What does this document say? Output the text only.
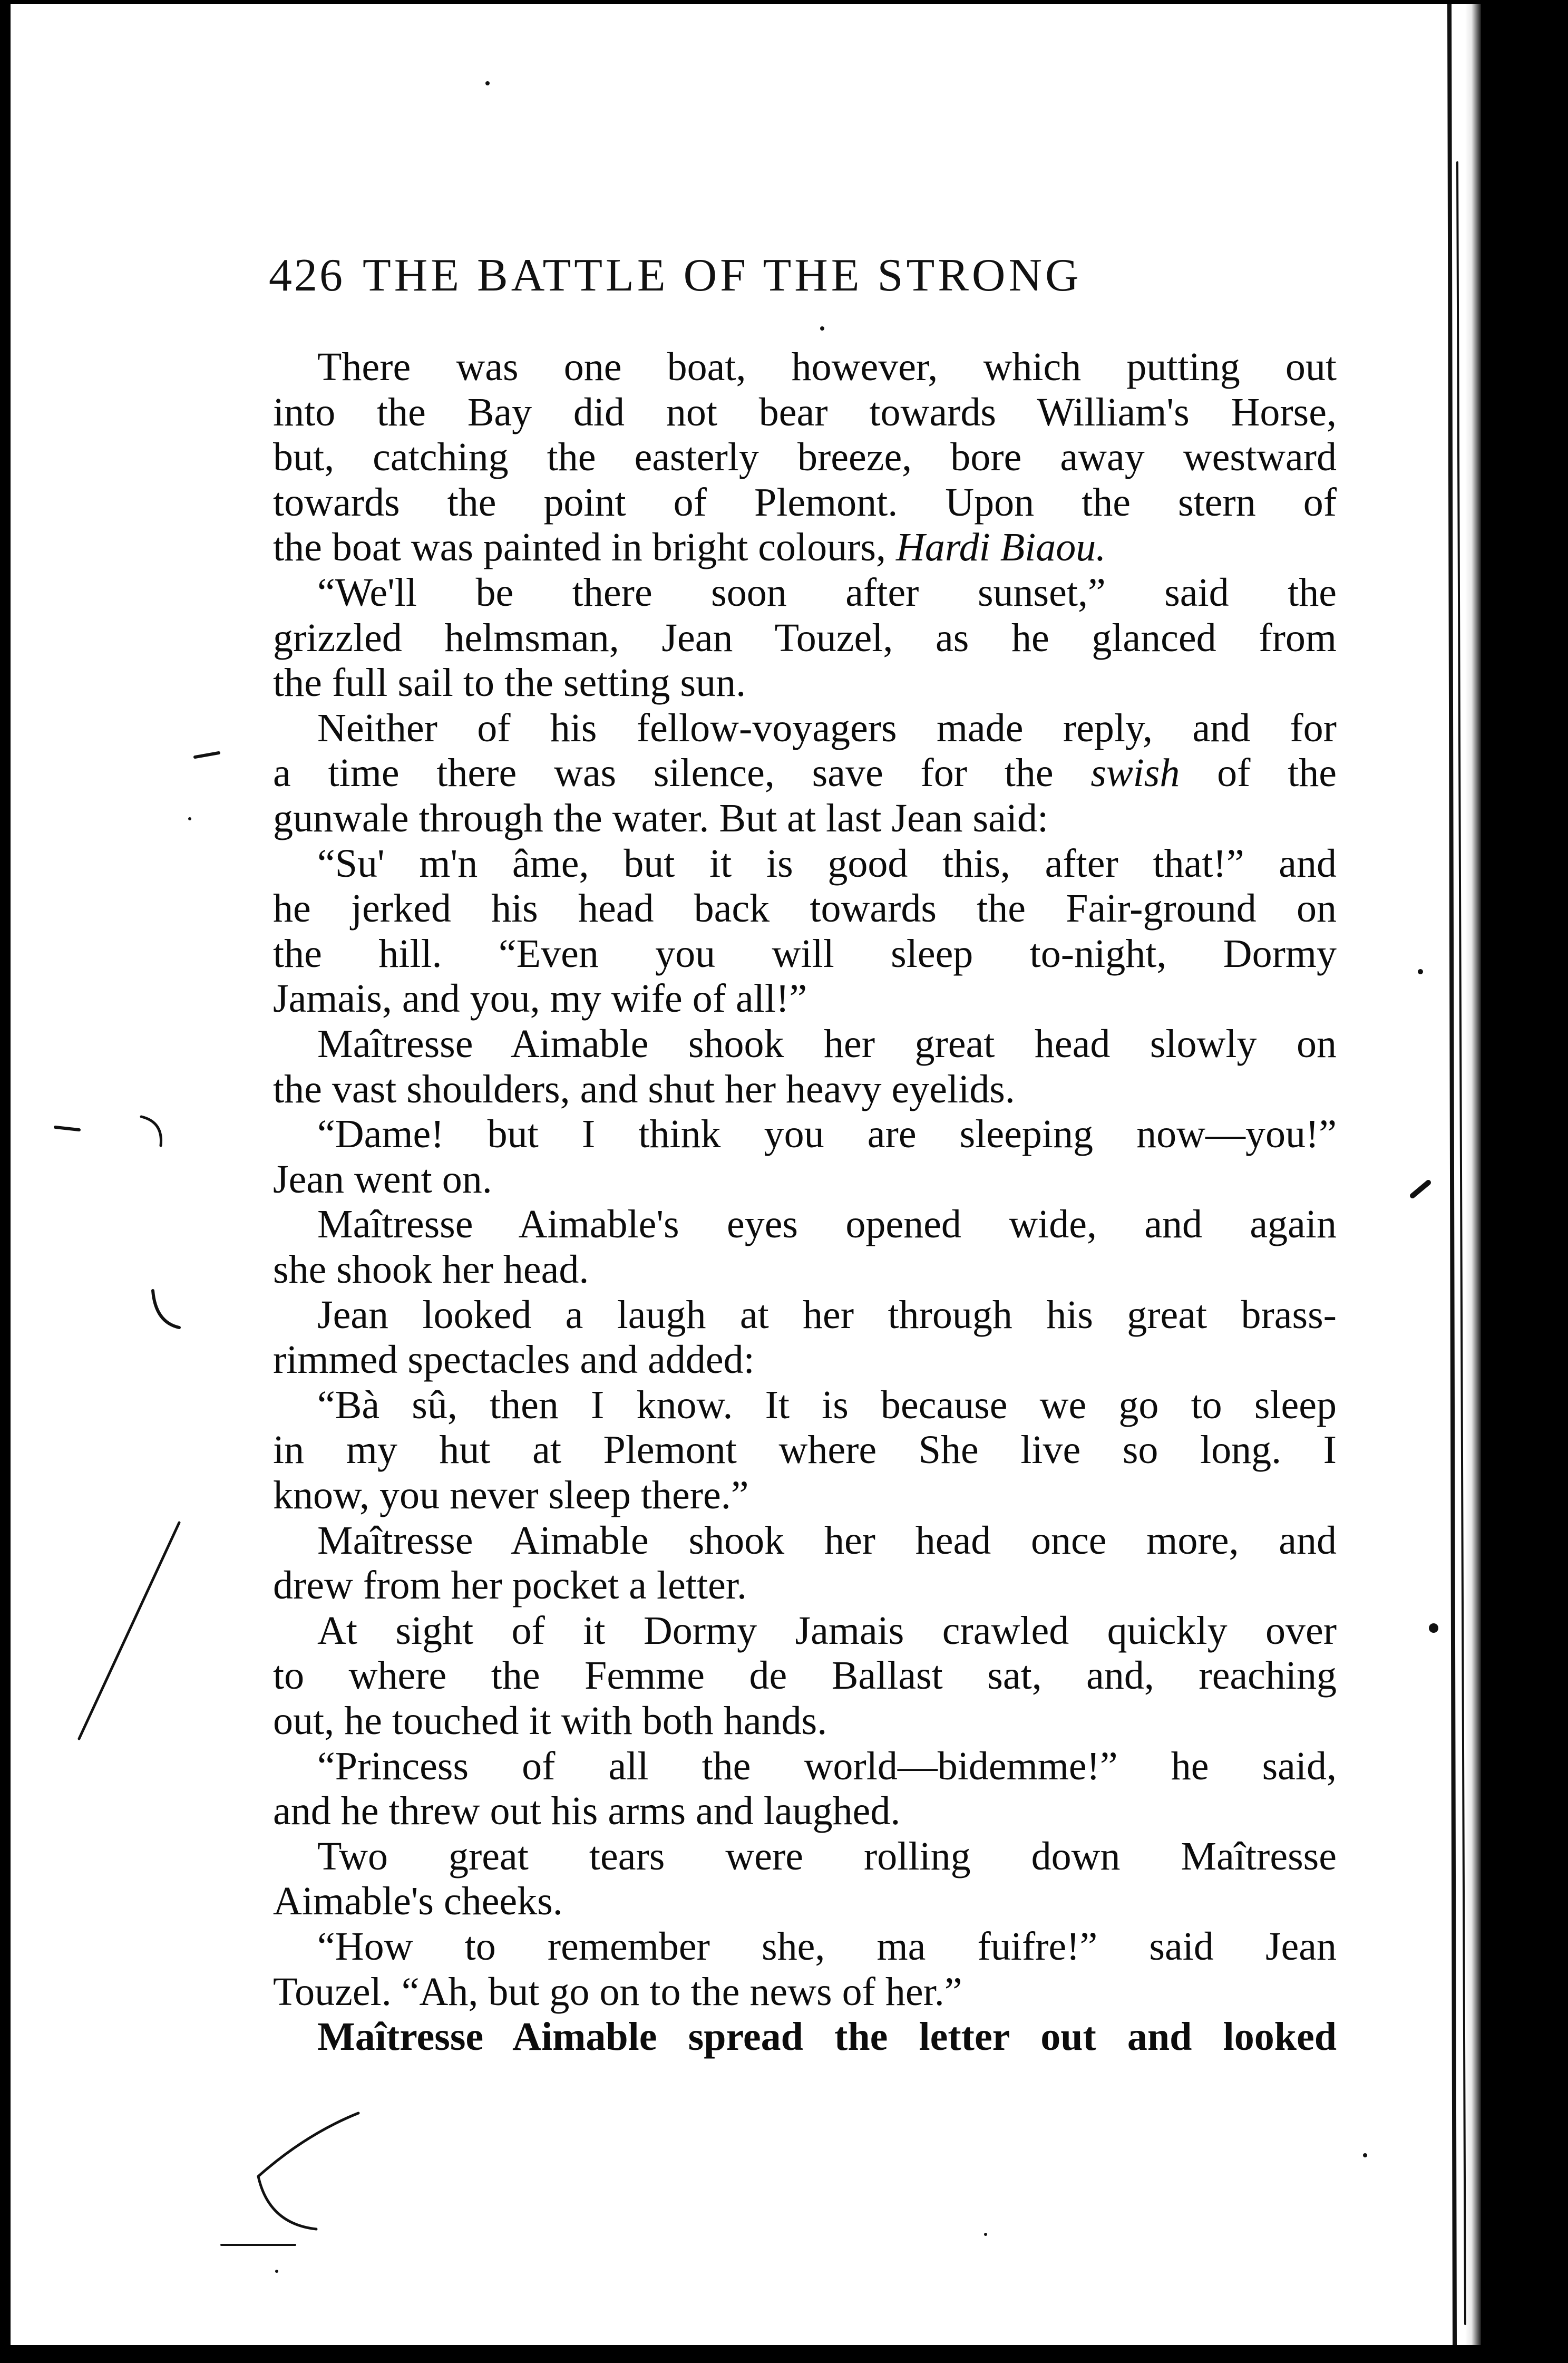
426 THE BATTLE OF THE STRONG
There was one boat, however, which putting out
into the Bay did not bear towards William's Horse,
but, catching the easterly breeze, bore away westward
towards the point of Plemont. Upon the stern of
the boat was painted in bright colours, Hardi Biaou.
“We'll be there soon after sunset,” said the
grizzled helmsman, Jean Touzel, as he glanced from
the full sail to the setting sun.
Neither of his fellow-voyagers made reply, and for
a time there was silence, save for the swish of the
gunwale through the water. But at last Jean said:
“Su' m'n âme, but it is good this, after that!” and
he jerked his head back towards the Fair-ground on
the hill. “Even you will sleep to-night, Dormy
Jamais, and you, my wife of all!”
Maîtresse Aimable shook her great head slowly on
the vast shoulders, and shut her heavy eyelids.
“Dame! but I think you are sleeping now—you!”
Jean went on.
Maîtresse Aimable's eyes opened wide, and again
she shook her head.
Jean looked a laugh at her through his great brass-
rimmed spectacles and added:
“Bà sû, then I know. It is because we go to sleep
in my hut at Plemont where She live so long. I
know, you never sleep there.”
Maîtresse Aimable shook her head once more, and
drew from her pocket a letter.
At sight of it Dormy Jamais crawled quickly over
to where the Femme de Ballast sat, and, reaching
out, he touched it with both hands.
“Princess of all the world—bidemme!” he said,
and he threw out his arms and laughed.
Two great tears were rolling down Maîtresse
Aimable's cheeks.
“How to remember she, ma fuifre!” said Jean
Touzel. “Ah, but go on to the news of her.”
Maîtresse Aimable spread the letter out and looked
